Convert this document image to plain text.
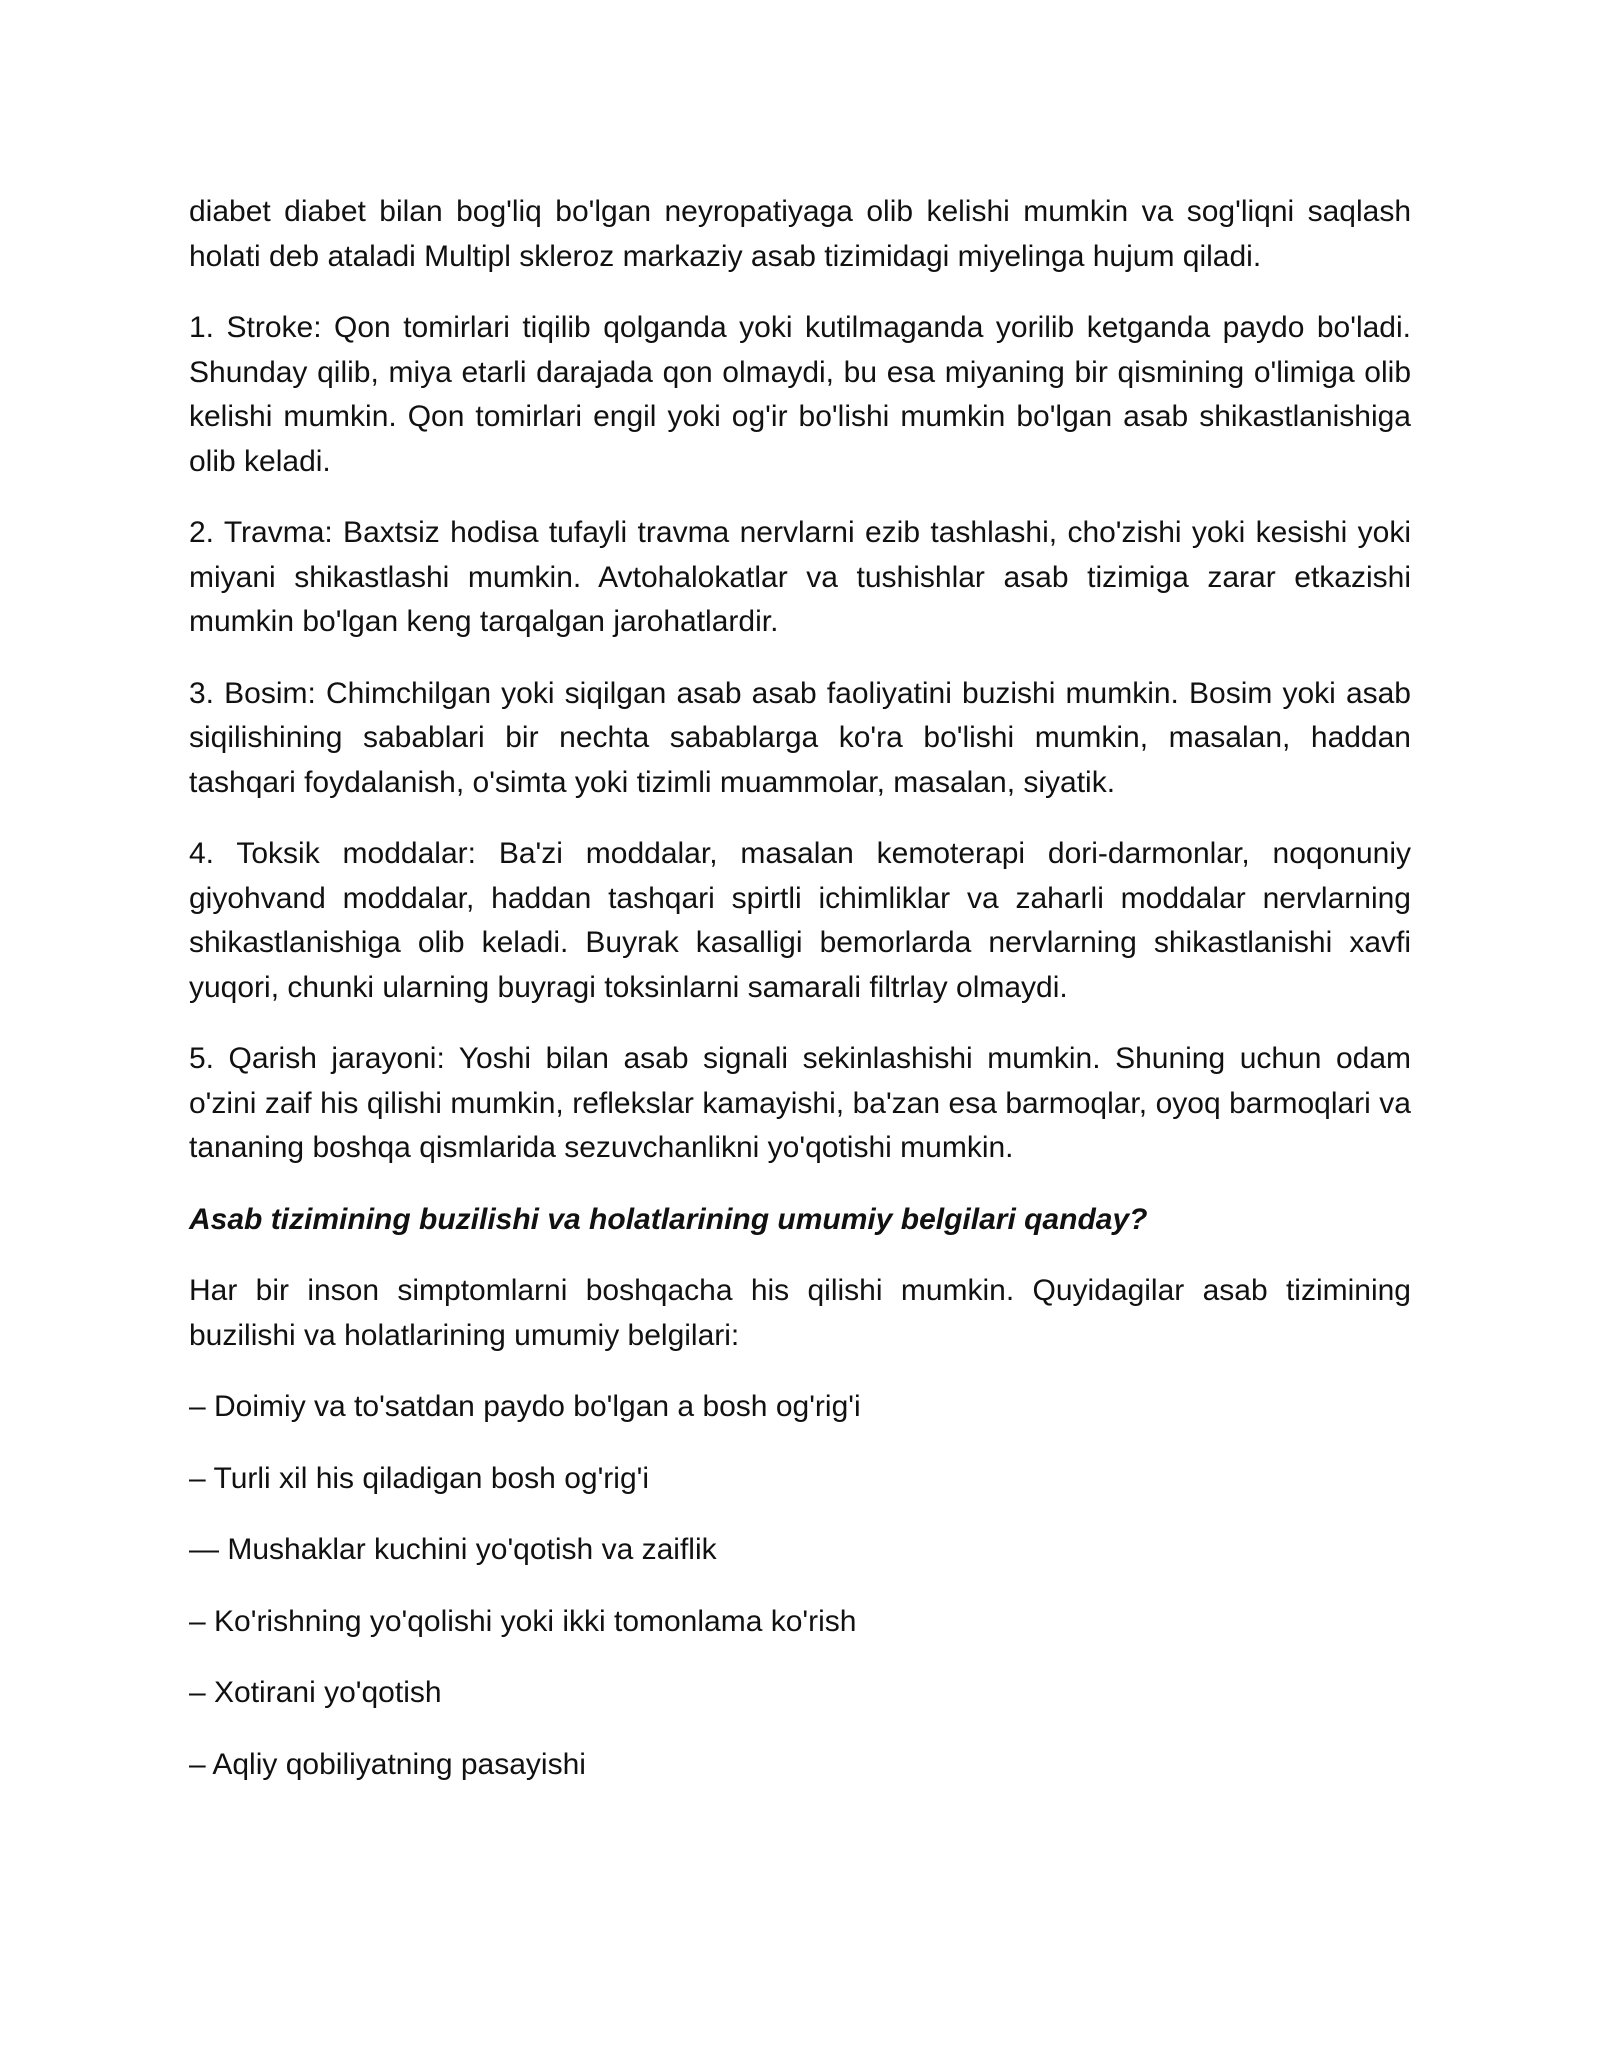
diabet diabet bilan bog'liq bo'lgan neyropatiyaga olib kelishi mumkin va sog'liqni saqlash holati deb ataladi Multipl skleroz markaziy asab tizimidagi miyelinga hujum qiladi.

1. Stroke: Qon tomirlari tiqilib qolganda yoki kutilmaganda yorilib ketganda paydo bo'ladi. Shunday qilib, miya etarli darajada qon olmaydi, bu esa miyaning bir qismining o'limiga olib kelishi mumkin. Qon tomirlari engil yoki og'ir bo'lishi mumkin bo'lgan asab shikastlanishiga olib keladi.

2. Travma: Baxtsiz hodisa tufayli travma nervlarni ezib tashlashi, cho'zishi yoki kesishi yoki miyani shikastlashi mumkin. Avtohalokatlar va tushishlar asab tizimiga zarar etkazishi mumkin bo'lgan keng tarqalgan jarohatlardir.

3. Bosim: Chimchilgan yoki siqilgan asab asab faoliyatini buzishi mumkin. Bosim yoki asab siqilishining sabablari bir nechta sabablarga ko'ra bo'lishi mumkin, masalan, haddan tashqari foydalanish, o'simta yoki tizimli muammolar, masalan, siyatik.

4. Toksik moddalar: Ba'zi moddalar, masalan kemoterapi dori-darmonlar, noqonuniy giyohvand moddalar, haddan tashqari spirtli ichimliklar va zaharli moddalar nervlarning shikastlanishiga olib keladi. Buyrak kasalligi bemorlarda nervlarning shikastlanishi xavfi yuqori, chunki ularning buyragi toksinlarni samarali filtrlay olmaydi.

5. Qarish jarayoni: Yoshi bilan asab signali sekinlashishi mumkin. Shuning uchun odam o'zini zaif his qilishi mumkin, reflekslar kamayishi, ba'zan esa barmoqlar, oyoq barmoqlari va tananing boshqa qismlarida sezuvchanlikni yo'qotishi mumkin.

Asab tizimining buzilishi va holatlarining umumiy belgilari qanday?

Har bir inson simptomlarni boshqacha his qilishi mumkin. Quyidagilar asab tizimining buzilishi va holatlarining umumiy belgilari:

– Doimiy va to'satdan paydo bo'lgan a bosh og'rig'i

– Turli xil his qiladigan bosh og'rig'i

— Mushaklar kuchini yo'qotish va zaiflik

– Ko'rishning yo'qolishi yoki ikki tomonlama ko'rish

– Xotirani yo'qotish

– Aqliy qobiliyatning pasayishi
